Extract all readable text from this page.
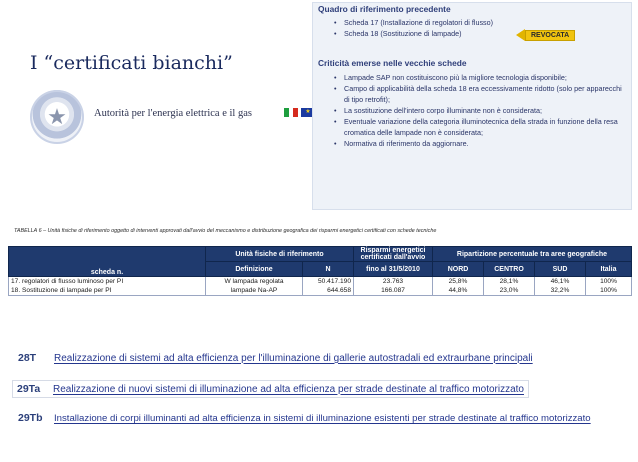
I “certificati bianchi”
★
Autorità per l'energia elettrica e il gas	★
Quadro di riferimento precedente
• Scheda 17 (Installazione di regolatori di flusso)
• Scheda 18 (Sostituzione di lampade)	REVOCATA
Criticità emerse nelle vecchie schede
• Lampade SAP non costituiscono più la migliore tecnologia disponibile;
• Campo di applicabilità della scheda 18 era eccessivamente ridotto (solo per apparecchi di tipo retrofit);
• La sostituzione dell'intero corpo illuminante non è considerata;
• Eventuale variazione della categoria illuminotecnica della strada in funzione della resa cromatica delle lampade non è considerata;
• Normativa di riferimento da aggiornare.
TABELLA 6 – Unità fisiche di riferimento oggetto di interventi approvati dall'avvio del meccanismo e distribuzione geografica dei risparmi energetici certificati con schede tecniche
scheda n.	Unità fisiche di riferimento		Risparmi energetici certificati dall'avvio	Ripartizione percentuale tra aree geografiche			
	Definizione	N	fino al 31/5/2010	NORD	CENTRO	SUD	Italia
17. regolatori di flusso luminoso per PI	W lampada regolata	50.417.190	23.763	25,8%	28,1%	46,1%	100%
18. Sostituzione di lampade per PI	lampade Na-AP	644.658	166.087	44,8%	23,0%	32,2%	100%
28T	Realizzazione di sistemi ad alta efficienza per l'illuminazione di gallerie autostradali ed extraurbane principali
29Ta	Realizzazione di nuovi sistemi di illuminazione ad alta efficienza per strade destinate al traffico motorizzato
29Tb	Installazione di corpi illuminanti ad alta efficienza in sistemi di illuminazione esistenti per strade destinate al traffico motorizzato
